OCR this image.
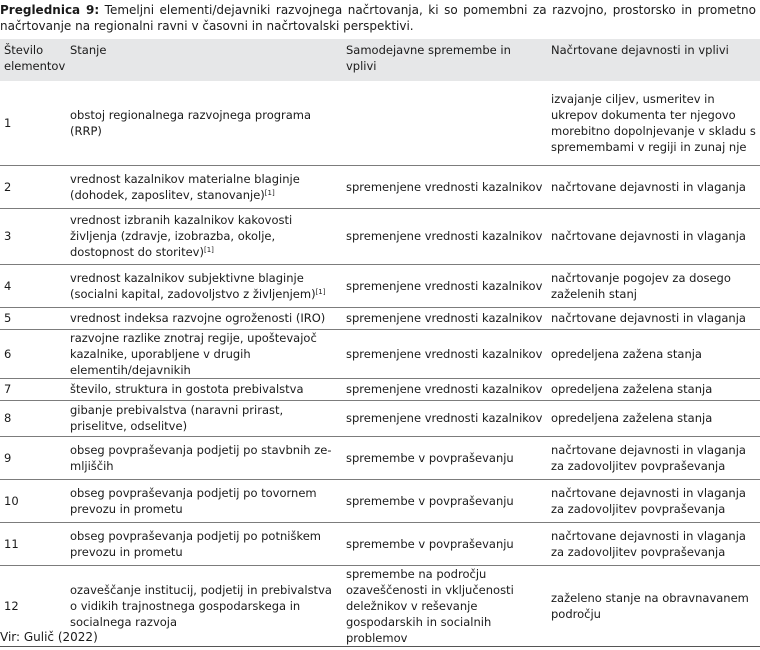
Preglednica 9: Temeljni elementi/dejavniki razvojnega načrtovanja, ki so pomembni za razvojno, prostorsko in prometno načrtovanje na regionalni ravni v časovni in načrtovalski perspektivi.
Število elementov	Stanje	Samodejavne spremembe in vplivi	Načrtovane dejavnosti in vplivi
1	obstoj regionalnega razvojnega programa (RRP)		izvajanje ciljev, usmeritev in ukrepov dokumenta ter njegovo morebitno dopolnjevanje v skladu s spremembami v regiji in zunaj nje
2	vrednost kazalnikov materialne blaginje (dohodek, zaposlitev, stanovanje)[1]	spremenjene vrednosti kazalnikov	načrtovane dejavnosti in vlaganja
3	vrednost izbranih kazalnikov kakovosti življenja (zdravje, izobrazba, okolje, dostopnost do storitev)[1]	spremenjene vrednosti kazalnikov	načrtovane dejavnosti in vlaganja
4	vrednost kazalnikov subjektivne blaginje (socialni kapital, zadovoljstvo z življenjem)[1]	spremenjene vrednosti kazalnikov	načrtovanje pogojev za dosego zaželenih stanj
5	vrednost indeksa razvojne ogroženosti (IRO)	spremenjene vrednosti kazalnikov	načrtovane dejavnosti in vlaganja
6	razvojne razlike znotraj regije, upoštevajoč kazalnike, uporabljene v drugih elementih/dejavnikih	spremenjene vrednosti kazalnikov	opredeljena zažena stanja
7	število, struktura in gostota prebivalstva	spremenjene vrednosti kazalnikov	opredeljena zaželena stanja
8	gibanje prebivalstva (naravni prirast, priselitve, odselitve)	spremenjene vrednosti kazalnikov	opredeljena zaželena stanja
9	obseg povpraševanja podjetij po stavbnih zemljiščih	spremembe v povpraševanju	načrtovane dejavnosti in vlaganja za zadovoljitev povpraševanja
10	obseg povpraševanja podjetij po tovornem prevozu in prometu	spremembe v povpraševanju	načrtovane dejavnosti in vlaganja za zadovoljitev povpraševanja
11	obseg povpraševanja podjetij po potniškem prevozu in prometu	spremembe v povpraševanju	načrtovane dejavnosti in vlaganja za zadovoljitev povpraševanja
12	ozaveščanje institucij, podjetij in prebivalstva o vidikih trajnostnega gospodarskega in socialnega razvoja	spremembe na področju ozaveščenosti in vključenosti deležnikov v reševanje gospodarskih in socialnih problemov	zaželeno stanje na obravnavanem področju
Vir: Gulič (2022)
